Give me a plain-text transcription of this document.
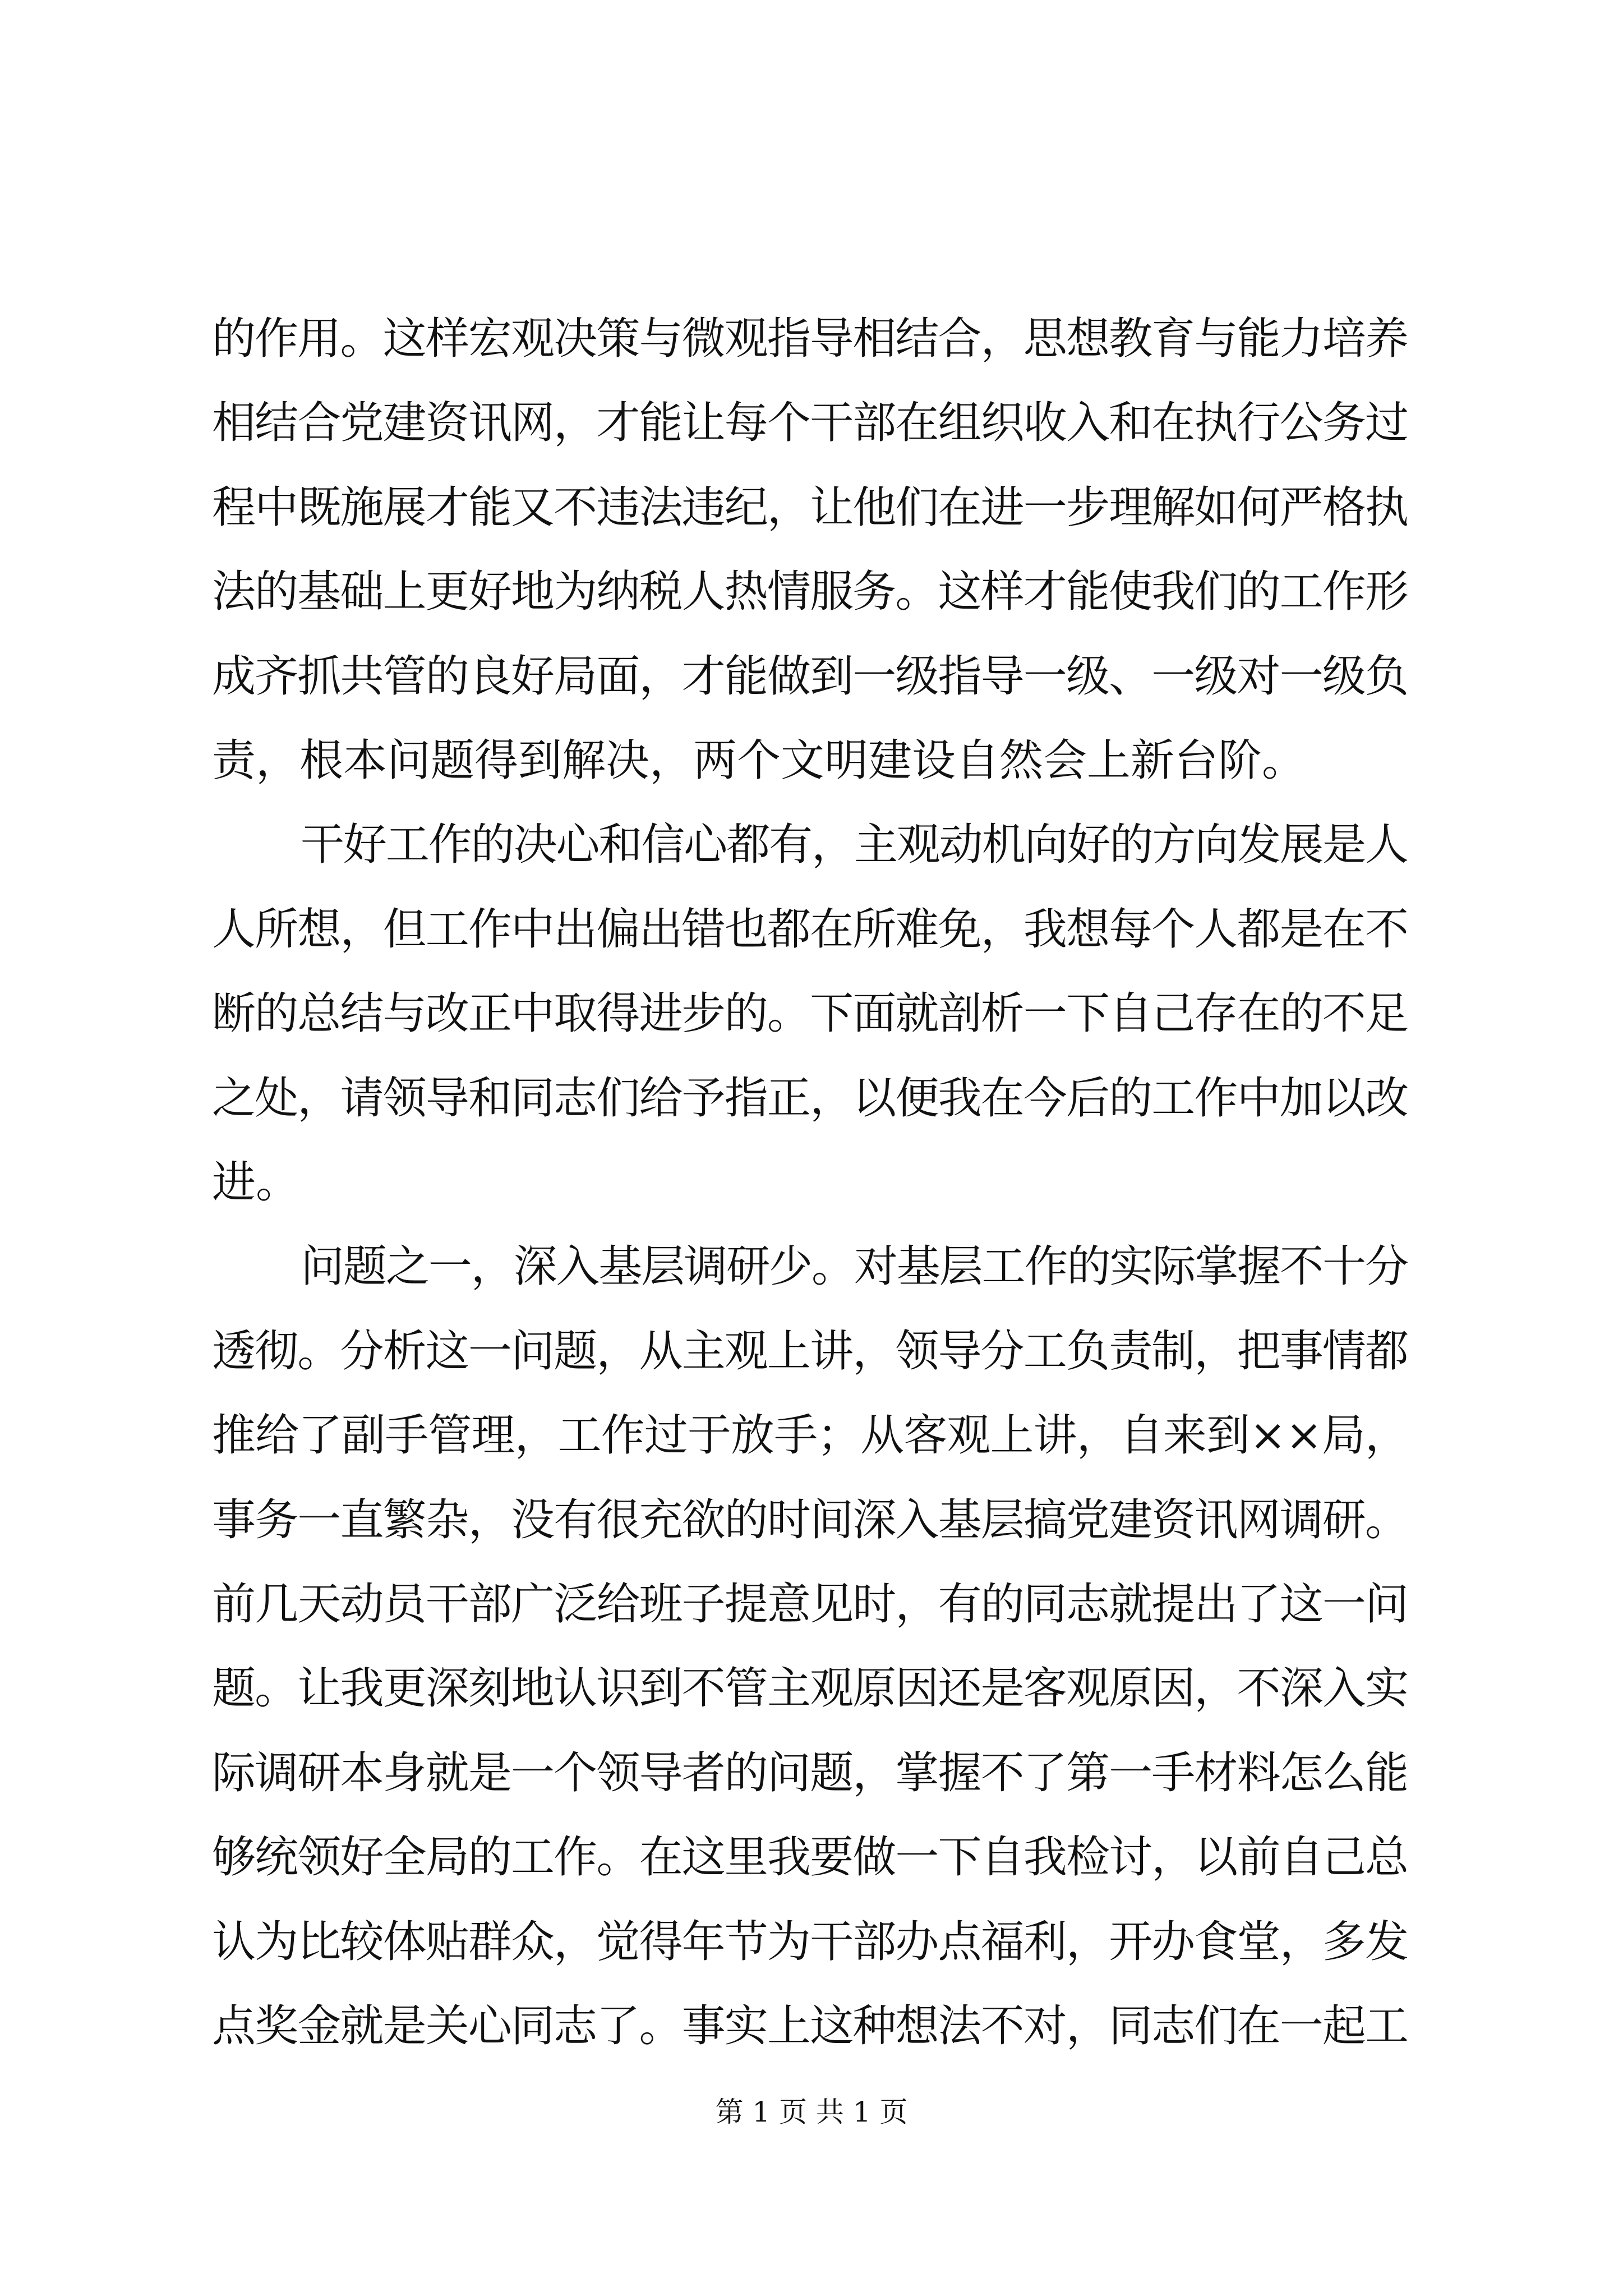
的作用。这样宏观决策与微观指导相结合，思想教育与能力培养

相结合党建资讯网，才能让每个干部在组织收入和在执行公务过

程中既施展才能又不违法违纪，让他们在进一步理解如何严格执

法的基础上更好地为纳税人热情服务。这样才能使我们的工作形

成齐抓共管的良好局面，才能做到一级指导一级、一级对一级负

责，根本问题得到解决，两个文明建设自然会上新台阶。

干好工作的决心和信心都有，主观动机向好的方向发展是人

人所想，但工作中出偏出错也都在所难免，我想每个人都是在不

断的总结与改正中取得进步的。下面就剖析一下自己存在的不足

之处，请领导和同志们给予指正，以便我在今后的工作中加以改

进。

问题之一，深入基层调研少。对基层工作的实际掌握不十分

透彻。分析这一问题，从主观上讲，领导分工负责制，把事情都

推给了副手管理，工作过于放手；从客观上讲，自来到××局，

事务一直繁杂，没有很充欲的时间深入基层搞党建资讯网调研。

前几天动员干部广泛给班子提意见时，有的同志就提出了这一问

题。让我更深刻地认识到不管主观原因还是客观原因，不深入实

际调研本身就是一个领导者的问题，掌握不了第一手材料怎么能

够统领好全局的工作。在这里我要做一下自我检讨，以前自己总

认为比较体贴群众，觉得年节为干部办点福利，开办食堂，多发

点奖金就是关心同志了。事实上这种想法不对，同志们在一起工

第 1 页 共 1 页
